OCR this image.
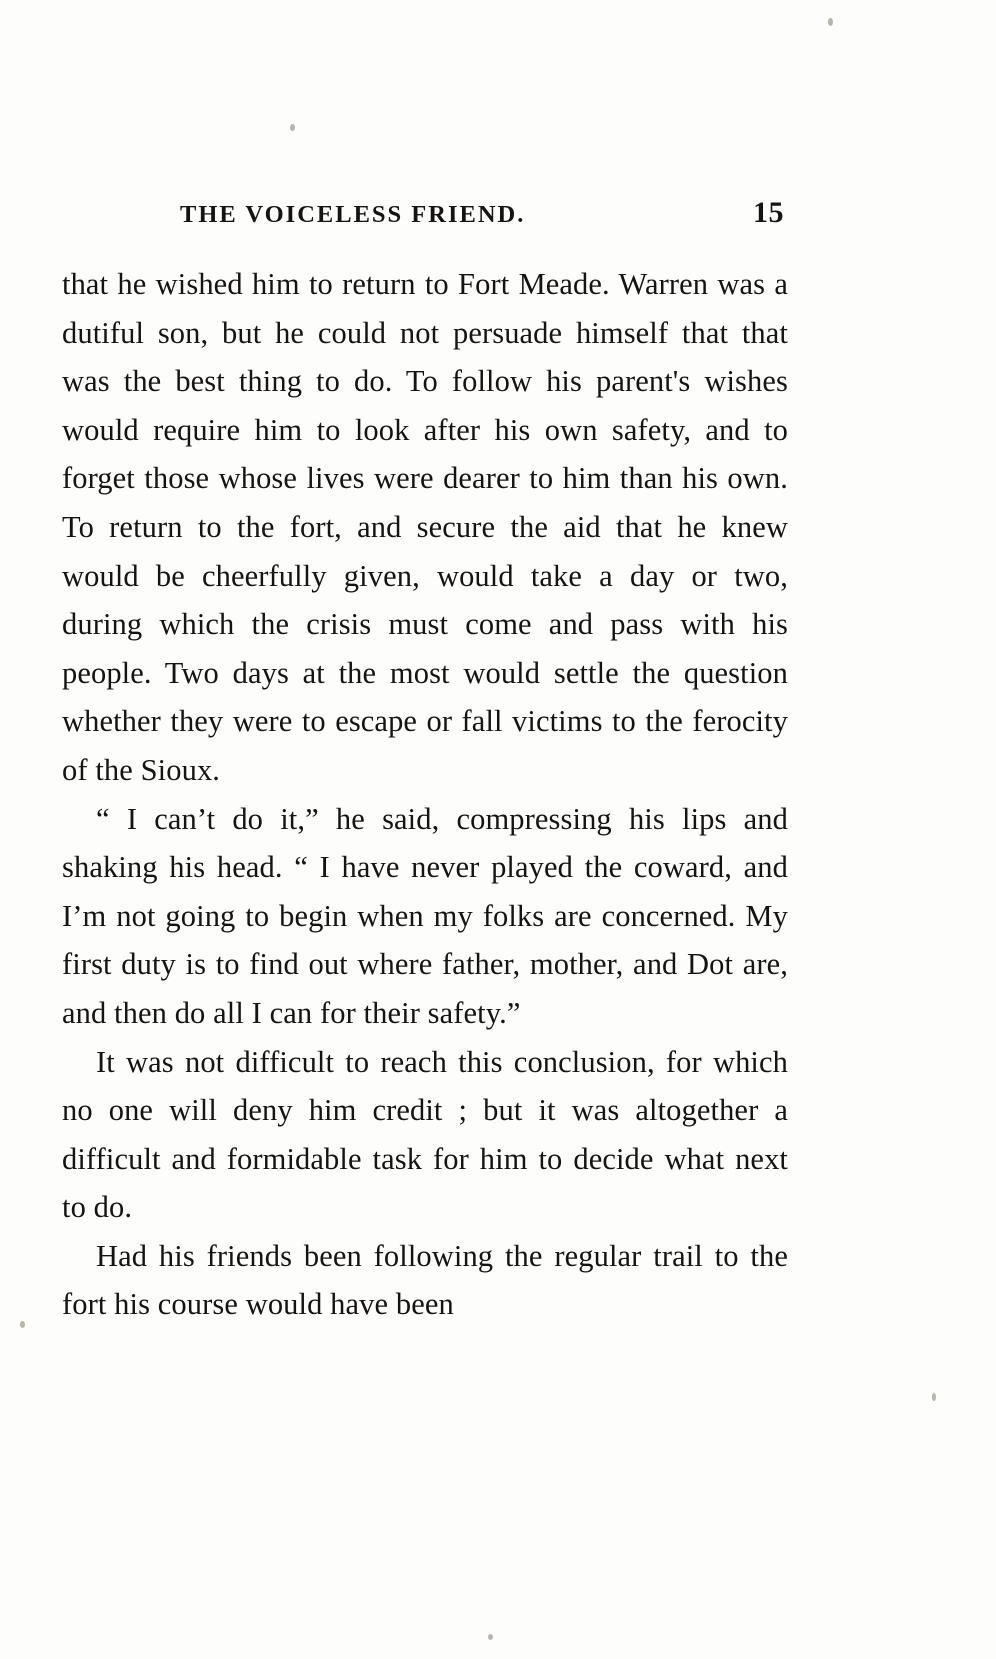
THE VOICELESS FRIEND.	15

that he wished him to return to Fort Meade. Warren was a dutiful son, but he could not persuade himself that that was the best thing to do. To follow his parent's wishes would require him to look after his own safety, and to forget those whose lives were dearer to him than his own. To return to the fort, and secure the aid that he knew would be cheerfully given, would take a day or two, during which the crisis must come and pass with his people. Two days at the most would settle the question whether they were to escape or fall victims to the ferocity of the Sioux.

“ I can’t do it,” he said, compressing his lips and shaking his head. “ I have never played the coward, and I’m not going to begin when my folks are concerned. My first duty is to find out where father, mother, and Dot are, and then do all I can for their safety.”

It was not difficult to reach this conclusion, for which no one will deny him credit ; but it was altogether a difficult and formidable task for him to decide what next to do.

Had his friends been following the regular trail to the fort his course would have been
